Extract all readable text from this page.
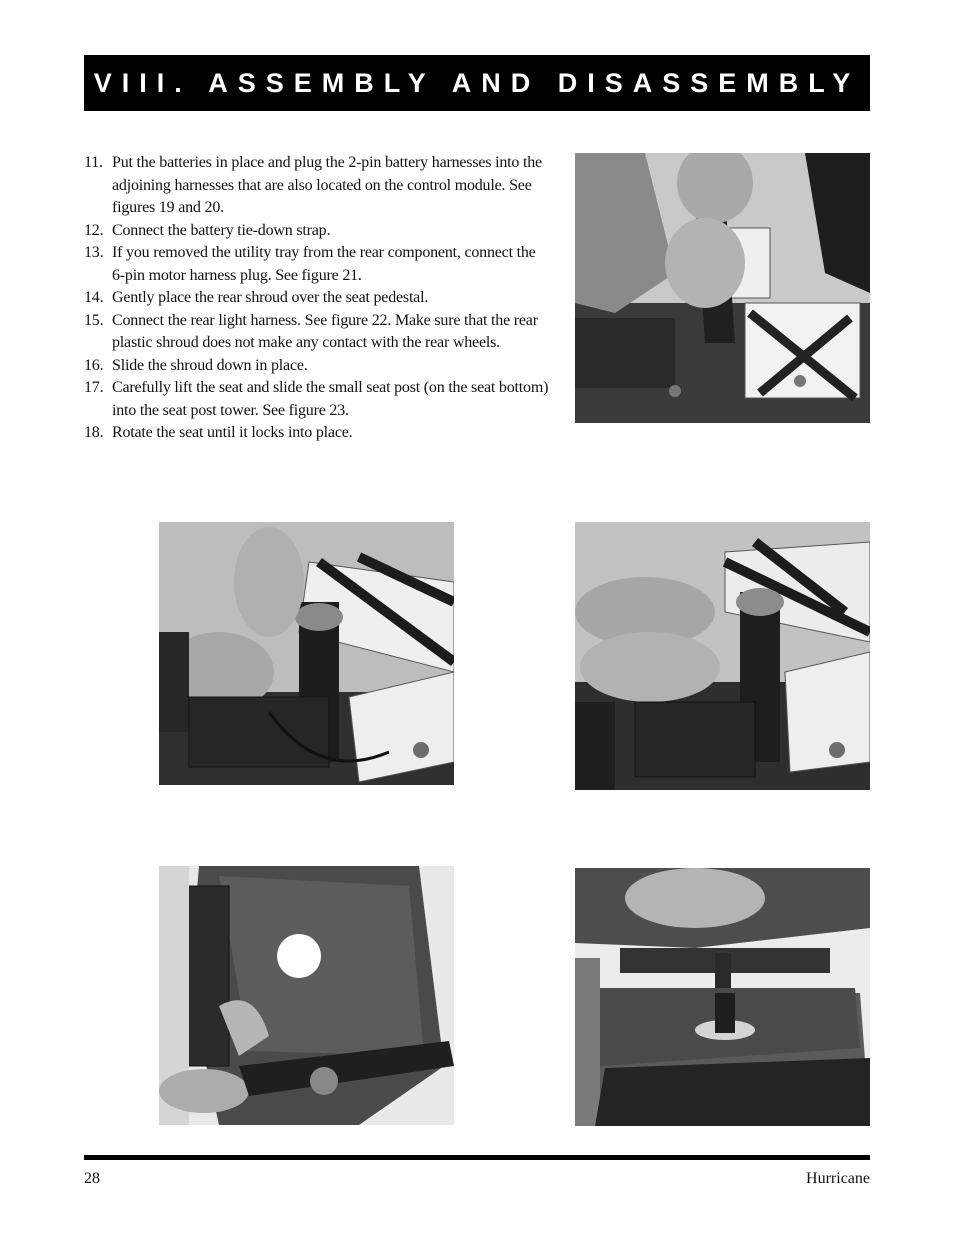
VIII. ASSEMBLY AND DISASSEMBLY
11. Put the batteries in place and plug the 2-pin battery harnesses into the adjoining harnesses that are also located on the control module. See figures 19 and 20.
12. Connect the battery tie-down strap.
13. If you removed the utility tray from the rear component, connect the 6-pin motor harness plug. See figure 21.
14. Gently place the rear shroud over the seat pedestal.
15. Connect the rear light harness. See figure 22. Make sure that the rear plastic shroud does not make any contact with the rear wheels.
16. Slide the shroud down in place.
17. Carefully lift the seat and slide the small seat post (on the seat bottom) into the seat post tower. See figure 23.
18. Rotate the seat until it locks into place.
28	Hurricane
